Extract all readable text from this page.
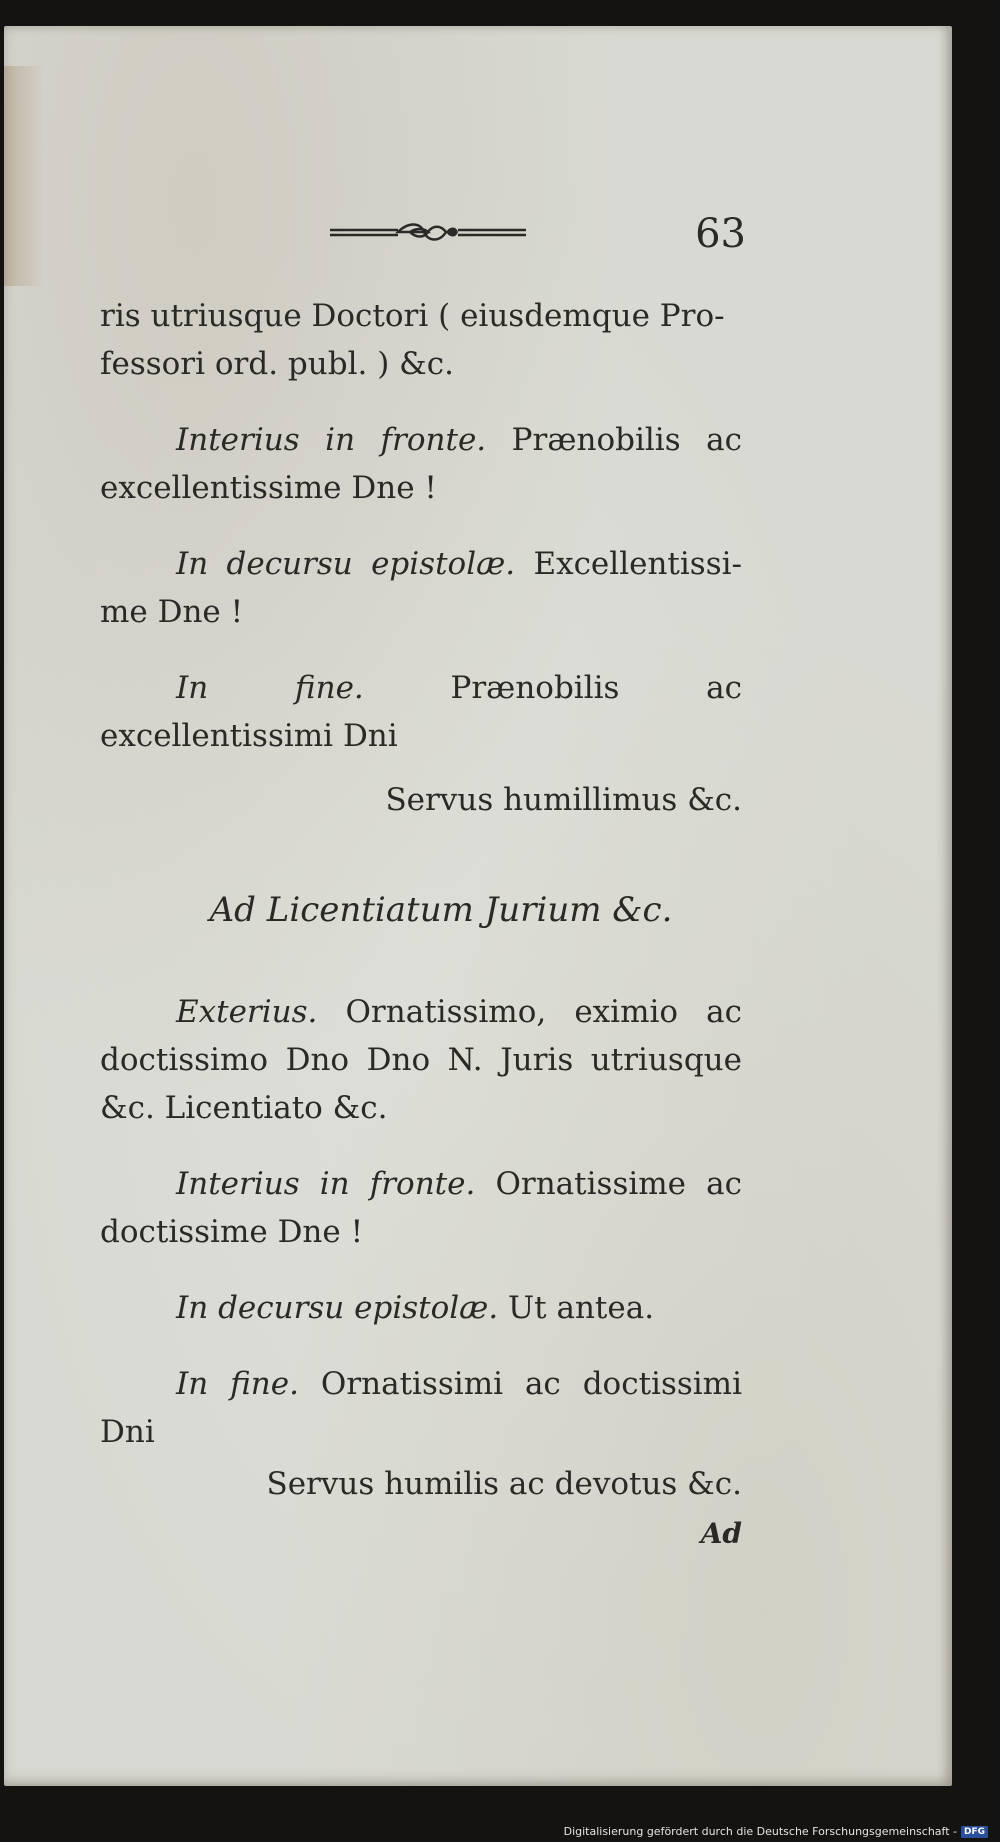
63

ris utriusque Doctori ( eiusdemque Pro-
fessori ord. publ. ) &c.

Interius in fronte. Prænobilis ac excellentissime Dne !

In decursu epistolæ. Excellentissi-me Dne !

In fine.	Prænobilis ac excellentissimi Dni

Servus humillimus &c.

Ad Licentiatum Jurium &c.

Exterius. Ornatissimo, eximio ac doctissimo Dno Dno N. Juris utriusque &c. Licentiato &c.

Interius in fronte. Ornatissime ac doctissime Dne !

In decursu epistolæ. Ut antea.

In fine. Ornatissimi ac doctissimi Dni

Servus humilis ac devotus &c.

Ad

Digitalisierung gefördert durch die Deutsche Forschungsgemeinschaft - DFG
